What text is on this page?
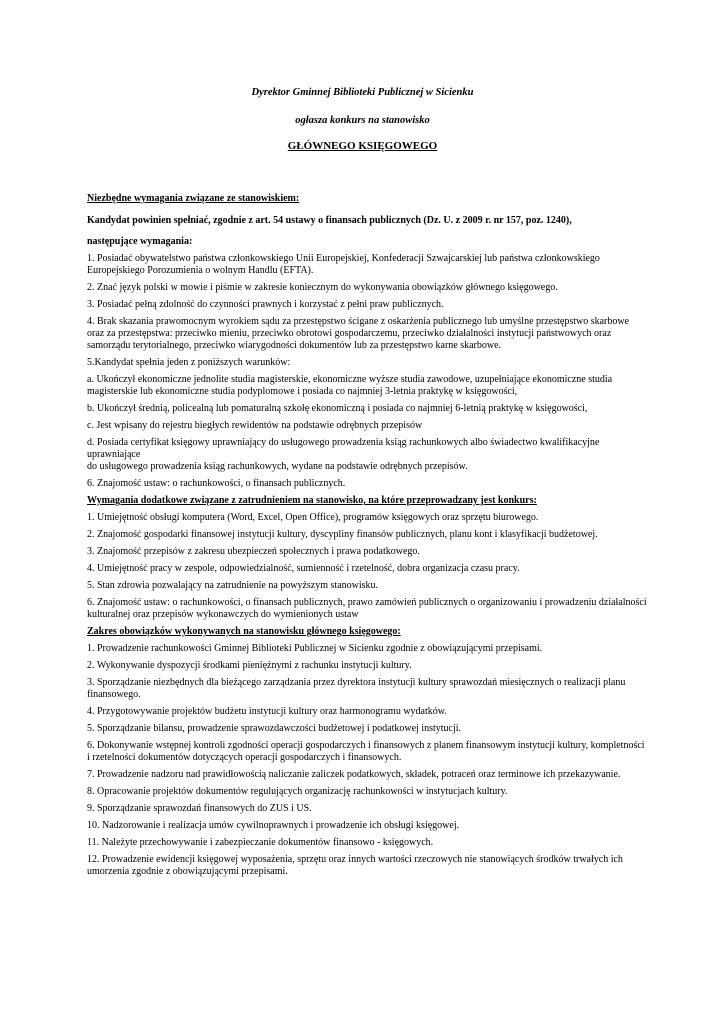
Dyrektor Gminnej Biblioteki Publicznej w Sicienku
ogłasza konkurs na stanowisko
GŁÓWNEGO KSIĘGOWEGO

Niezbędne wymagania związane ze stanowiskiem:

Kandydat powinien spełniać, zgodnie z art. 54 ustawy o finansach publicznych (Dz. U. z 2009 r. nr 157, poz. 1240),

następujące wymagania:

1. Posiadać obywatelstwo państwa członkowskiego Unii Europejskiej, Konfederacji Szwajcarskiej lub państwa członkowskiego Europejskiego Porozumienia o wolnym Handlu (EFTA).

2. Znać język polski w mowie i piśmie w zakresie koniecznym do wykonywania obowiązków głównego księgowego.

3. Posiadać pełną zdolność do czynności prawnych i korzystać z pełni praw publicznych.

4. Brak skazania prawomocnym wyrokiem sądu za przestępstwo ścigane z oskarżenia publicznego lub umyślne przestępstwo skarbowe oraz za przestępstwa: przeciwko mieniu, przeciwko obrotowi gospodarczemu, przeciwko działalności instytucji państwowych oraz samorządu terytorialnego, przeciwko wiarygodności dokumentów lub za przestępstwo karne skarbowe.

5.Kandydat spełnia jeden z poniższych warunków:

a. Ukończył ekonomiczne jednolite studia magisterskie, ekonomiczne wyższe studia zawodowe, uzupełniające ekonomiczne studia magisterskie lub ekonomiczne studia podyplomowe i posiada co najmniej 3-letnia praktykę w księgowości,

b. Ukończył średnią, policealną lub pomaturalną szkołę ekonomiczną i posiada co najmniej 6-letnią praktykę w księgowości,

c. Jest wpisany do rejestru biegłych rewidentów na podstawie odrębnych przepisów

d. Posiada certyfikat księgowy uprawniający do usługowego prowadzenia ksiąg rachunkowych albo świadectwo kwalifikacyjne uprawniające
do usługowego prowadzenia ksiąg rachunkowych, wydane na podstawie odrębnych przepisów.

6. Znajomość ustaw: o rachunkowości, o finansach publicznych.

Wymagania dodatkowe związane z zatrudnieniem na stanowisko, na które przeprowadzany jest konkurs:

1. Umiejętność obsługi komputera (Word, Excel, Open Office), programów księgowych oraz sprzętu biurowego.

2. Znajomość gospodarki finansowej instytucji kultury, dyscypliny finansów publicznych, planu kont i klasyfikacji budżetowej.

3. Znajomość przepisów z zakresu ubezpieczeń społecznych i prawa podatkowego.

4. Umiejętność pracy w zespole, odpowiedzialność, sumienność i rzetelność, dobra organizacja czasu pracy.

5. Stan zdrowia pozwalający na zatrudnienie na powyższym stanowisku.

6. Znajomość ustaw: o rachunkowości, o finansach publicznych, prawo zamówień publicznych o organizowaniu i prowadzeniu działalności kulturalnej oraz przepisów wykonawczych do wymienionych ustaw

Zakres obowiązków wykonywanych na stanowisku głównego księgowego:

1. Prowadzenie rachunkowości Gminnej Biblioteki Publicznej w Sicienku zgodnie z obowiązującymi przepisami.

2. Wykonywanie dyspozycji środkami pieniężnymi z rachunku instytucji kultury.

3. Sporządzanie niezbędnych dla bieżącego zarządzania przez dyrektora instytucji kultury sprawozdań miesięcznych o realizacji planu finansowego.

4. Przygotowywanie projektów budżetu instytucji kultury oraz harmonogramu wydatków.

5. Sporządzanie bilansu, prowadzenie sprawozdawczości budżetowej i podatkowej instytucji.

6. Dokonywanie wstępnej kontroli zgodności operacji gospodarczych i finansowych z planem finansowym instytucji kultury, kompletności i rzetelności dokumentów dotyczących operacji gospodarczych i finansowych.

7. Prowadzenie nadzoru nad prawidłowością naliczanie zaliczek podatkowych, składek, potraceń oraz terminowe ich przekazywanie.

8. Opracowanie projektów dokumentów regulujących organizację rachunkowości w instytucjach kultury.

9. Sporządzanie sprawozdań finansowych do ZUS i US.

10. Nadzorowanie i realizacja umów cywilnoprawnych i prowadzenie ich obsługi księgowej.

11. Należyte przechowywanie i zabezpieczanie dokumentów finansowo - księgowych.

12. Prowadzenie ewidencji księgowej wyposażenia, sprzętu oraz innych wartości rzeczowych nie stanowiących środków trwałych ich umorzenia zgodnie z obowiązującymi przepisami.
